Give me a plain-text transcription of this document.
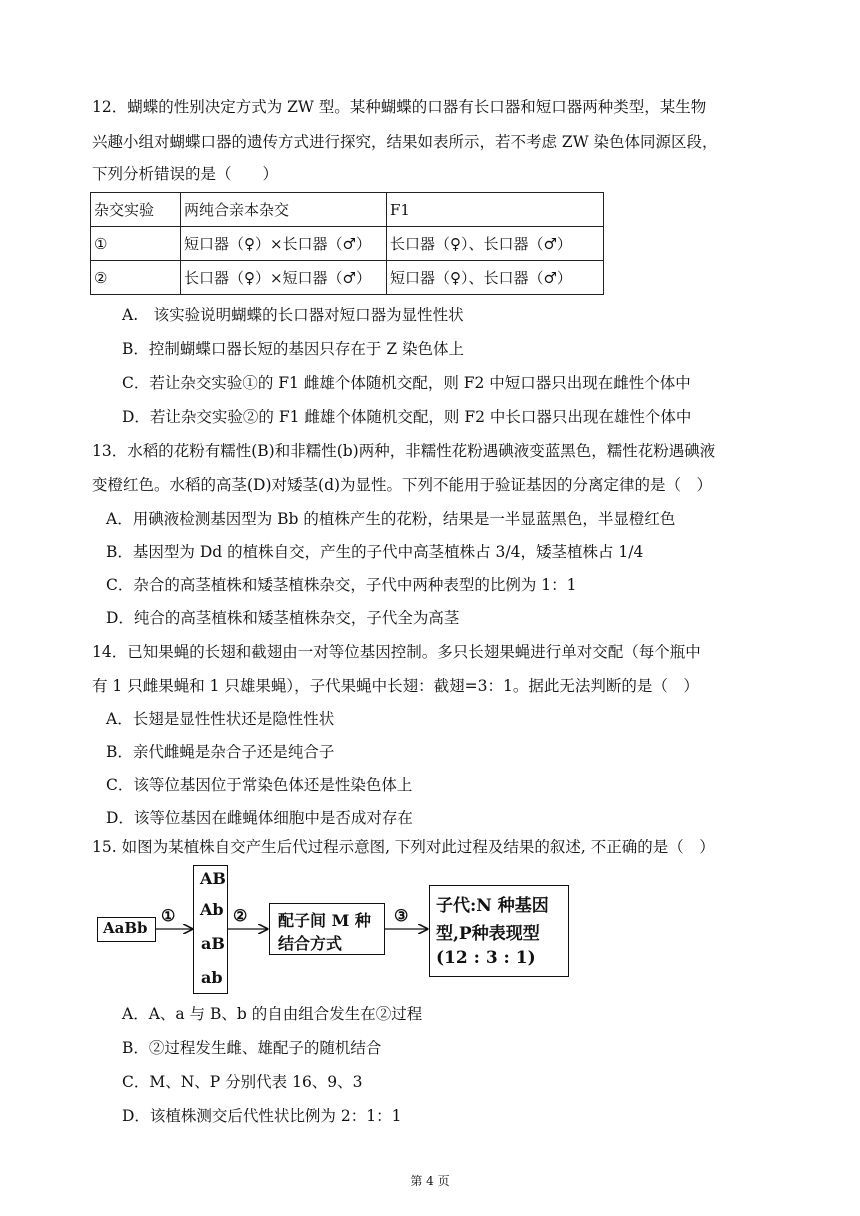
12．蝴蝶的性别决定方式为 ZW 型。某种蝴蝶的口器有长口器和短口器两种类型，某生物
兴趣小组对蝴蝶口器的遗传方式进行探究，结果如表所示，若不考虑 ZW 染色体同源区段，
下列分析错误的是（　　）
杂交实验	两纯合亲本杂交	F1
①	短口器（♀）×长口器（♂）	长口器（♀）、长口器（♂）
②	长口器（♀）×短口器（♂）	短口器（♀）、长口器（♂）
A.　该实验说明蝴蝶的长口器对短口器为显性性状
B．控制蝴蝶口器长短的基因只存在于 Z 染色体上
C．若让杂交实验①的 F1 雌雄个体随机交配，则 F2 中短口器只出现在雌性个体中
D．若让杂交实验②的 F1 雌雄个体随机交配，则 F2 中长口器只出现在雄性个体中
13．水稻的花粉有糯性(B)和非糯性(b)两种，非糯性花粉遇碘液变蓝黑色，糯性花粉遇碘液
变橙红色。水稻的高茎(D)对矮茎(d)为显性。下列不能用于验证基因的分离定律的是（　）
A．用碘液检测基因型为 Bb 的植株产生的花粉，结果是一半显蓝黑色，半显橙红色
B．基因型为 Dd 的植株自交，产生的子代中高茎植株占 3/4，矮茎植株占 1/4
C．杂合的高茎植株和矮茎植株杂交，子代中两种表型的比例为 1：1
D．纯合的高茎植株和矮茎植株杂交，子代全为高茎
14．已知果蝇的长翅和截翅由一对等位基因控制。多只长翅果蝇进行单对交配（每个瓶中
有 1 只雌果蝇和 1 只雄果蝇），子代果蝇中长翅：截翅=3：1。据此无法判断的是（　）
A．长翅是显性性状还是隐性性状
B．亲代雌蝇是杂合子还是纯合子
C．该等位基因位于常染色体还是性染色体上
D．该等位基因在雌蝇体细胞中是否成对存在
15. 如图为某植株自交产生后代过程示意图, 下列对此过程及结果的叙述, 不正确的是（　）
AaBb
①
AB
Ab
aB
ab
② 配子间 M 种
结合方式
③ 子代:N 种基因
型,P种表现型
(12 : 3 : 1)
A．A、a 与 B、b 的自由组合发生在②过程
B．②过程发生雌、雄配子的随机结合
C．M、N、P 分别代表 16、9、3
D．该植株测交后代性状比例为 2：1：1
第 4 页
